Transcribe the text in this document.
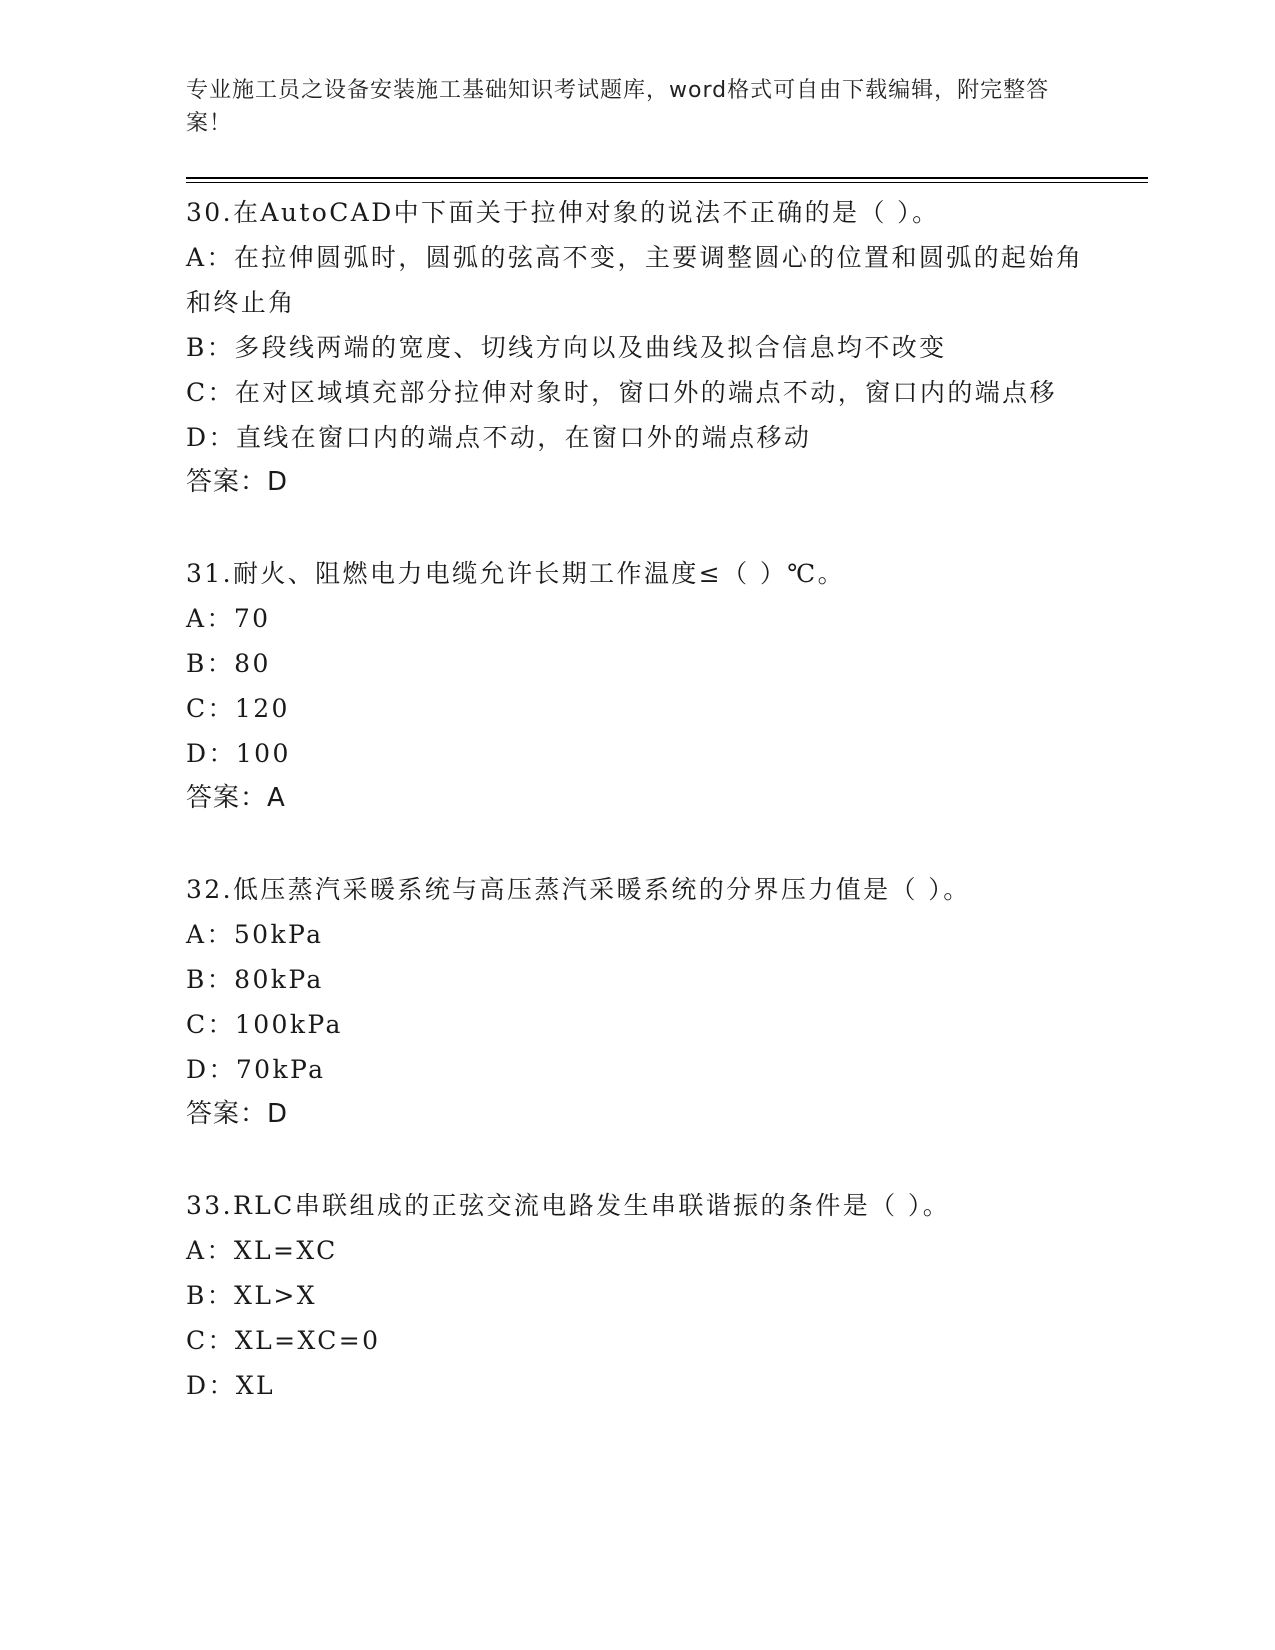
专业施工员之设备安装施工基础知识考试题库，word格式可自由下载编辑，附完整答案！

30.在AutoCAD中下面关于拉伸对象的说法不正确的是（ ）。

A：在拉伸圆弧时，圆弧的弦高不变，主要调整圆心的位置和圆弧的起始角和终止角

B：多段线两端的宽度、切线方向以及曲线及拟合信息均不改变

C：在对区域填充部分拉伸对象时，窗口外的端点不动，窗口内的端点移

D：直线在窗口内的端点不动，在窗口外的端点移动

答案：D

31.耐火、阻燃电力电缆允许长期工作温度≤（ ）℃。

A：70

B：80

C：120

D：100

答案：A

32.低压蒸汽采暖系统与高压蒸汽采暖系统的分界压力值是（ ）。

A：50kPa

B：80kPa

C：100kPa

D：70kPa

答案：D

33.RLC串联组成的正弦交流电路发生串联谐振的条件是（ ）。

A：XL=XC

B：XL>X

C：XL=XC=0

D：XL
